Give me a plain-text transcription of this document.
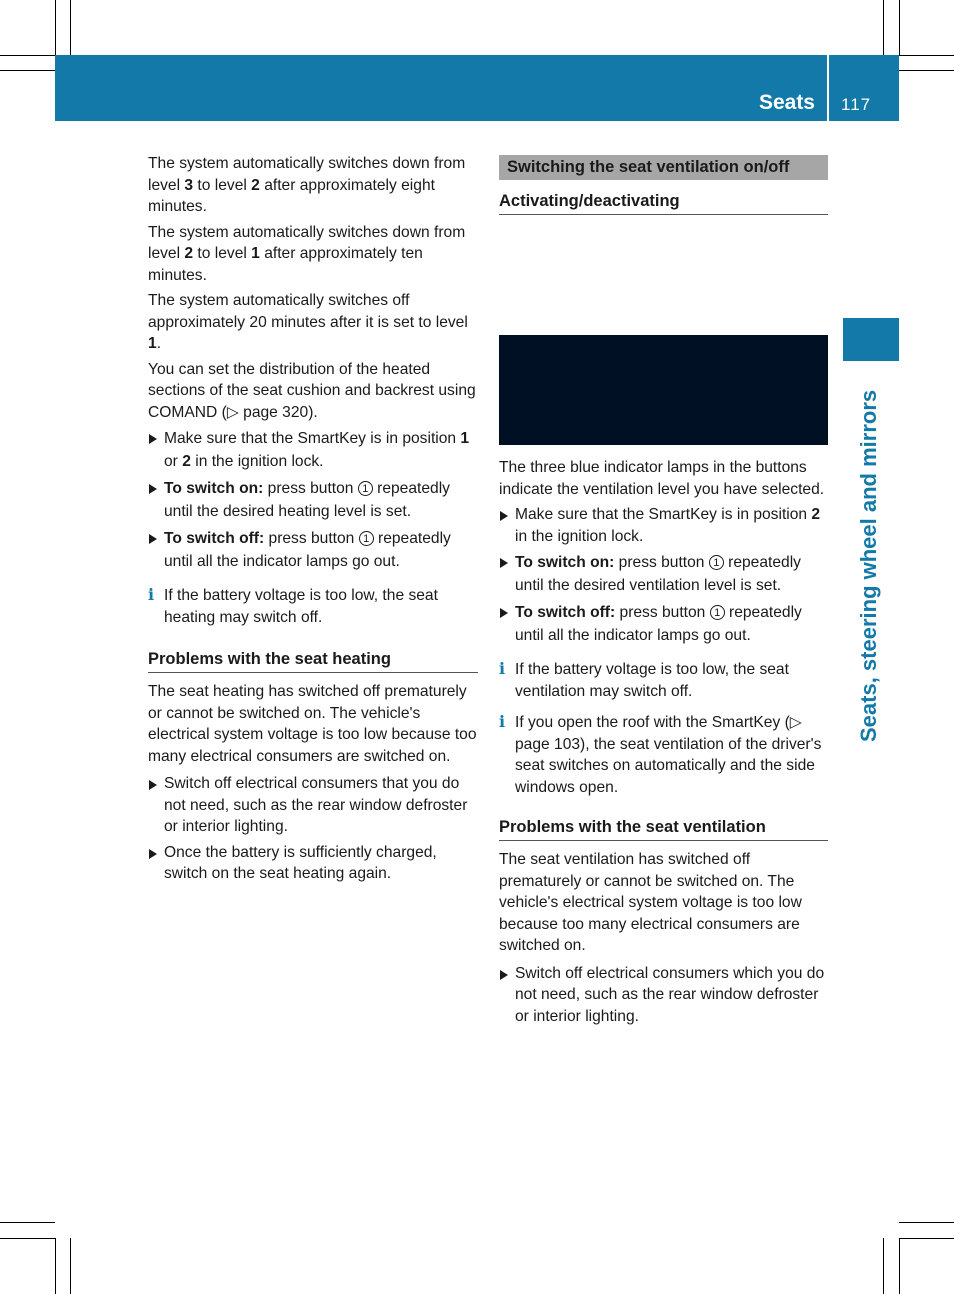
Seats 117
Seats, steering wheel and mirrors

The system automatically switches down from level 3 to level 2 after approximately eight minutes.

The system automatically switches down from level 2 to level 1 after approximately ten minutes.

The system automatically switches off approximately 20 minutes after it is set to level 1.

You can set the distribution of the heated sections of the seat cushion and backrest using COMAND (▷ page 320).

Make sure that the SmartKey is in position 1 or 2 in the ignition lock.
To switch on: press button 1 repeatedly until the desired heating level is set.
To switch off: press button 1 repeatedly until all the indicator lamps go out.
i If the battery voltage is too low, the seat heating may switch off.
Problems with the seat heating

The seat heating has switched off prematurely or cannot be switched on. The vehicle's electrical system voltage is too low because too many electrical consumers are switched on.

Switch off electrical consumers that you do not need, such as the rear window defroster or interior lighting.
Once the battery is sufficiently charged, switch on the seat heating again.
Switching the seat ventilation on/off
Activating/deactivating

The three blue indicator lamps in the buttons indicate the ventilation level you have selected.

Make sure that the SmartKey is in position 2 in the ignition lock.
To switch on: press button 1 repeatedly until the desired ventilation level is set.
To switch off: press button 1 repeatedly until all the indicator lamps go out.
i If the battery voltage is too low, the seat ventilation may switch off.
i If you open the roof with the SmartKey (▷ page 103), the seat ventilation of the driver's seat switches on automatically and the side windows open.
Problems with the seat ventilation

The seat ventilation has switched off prematurely or cannot be switched on. The vehicle's electrical system voltage is too low because too many electrical consumers are switched on.

Switch off electrical consumers which you do not need, such as the rear window defroster or interior lighting.
